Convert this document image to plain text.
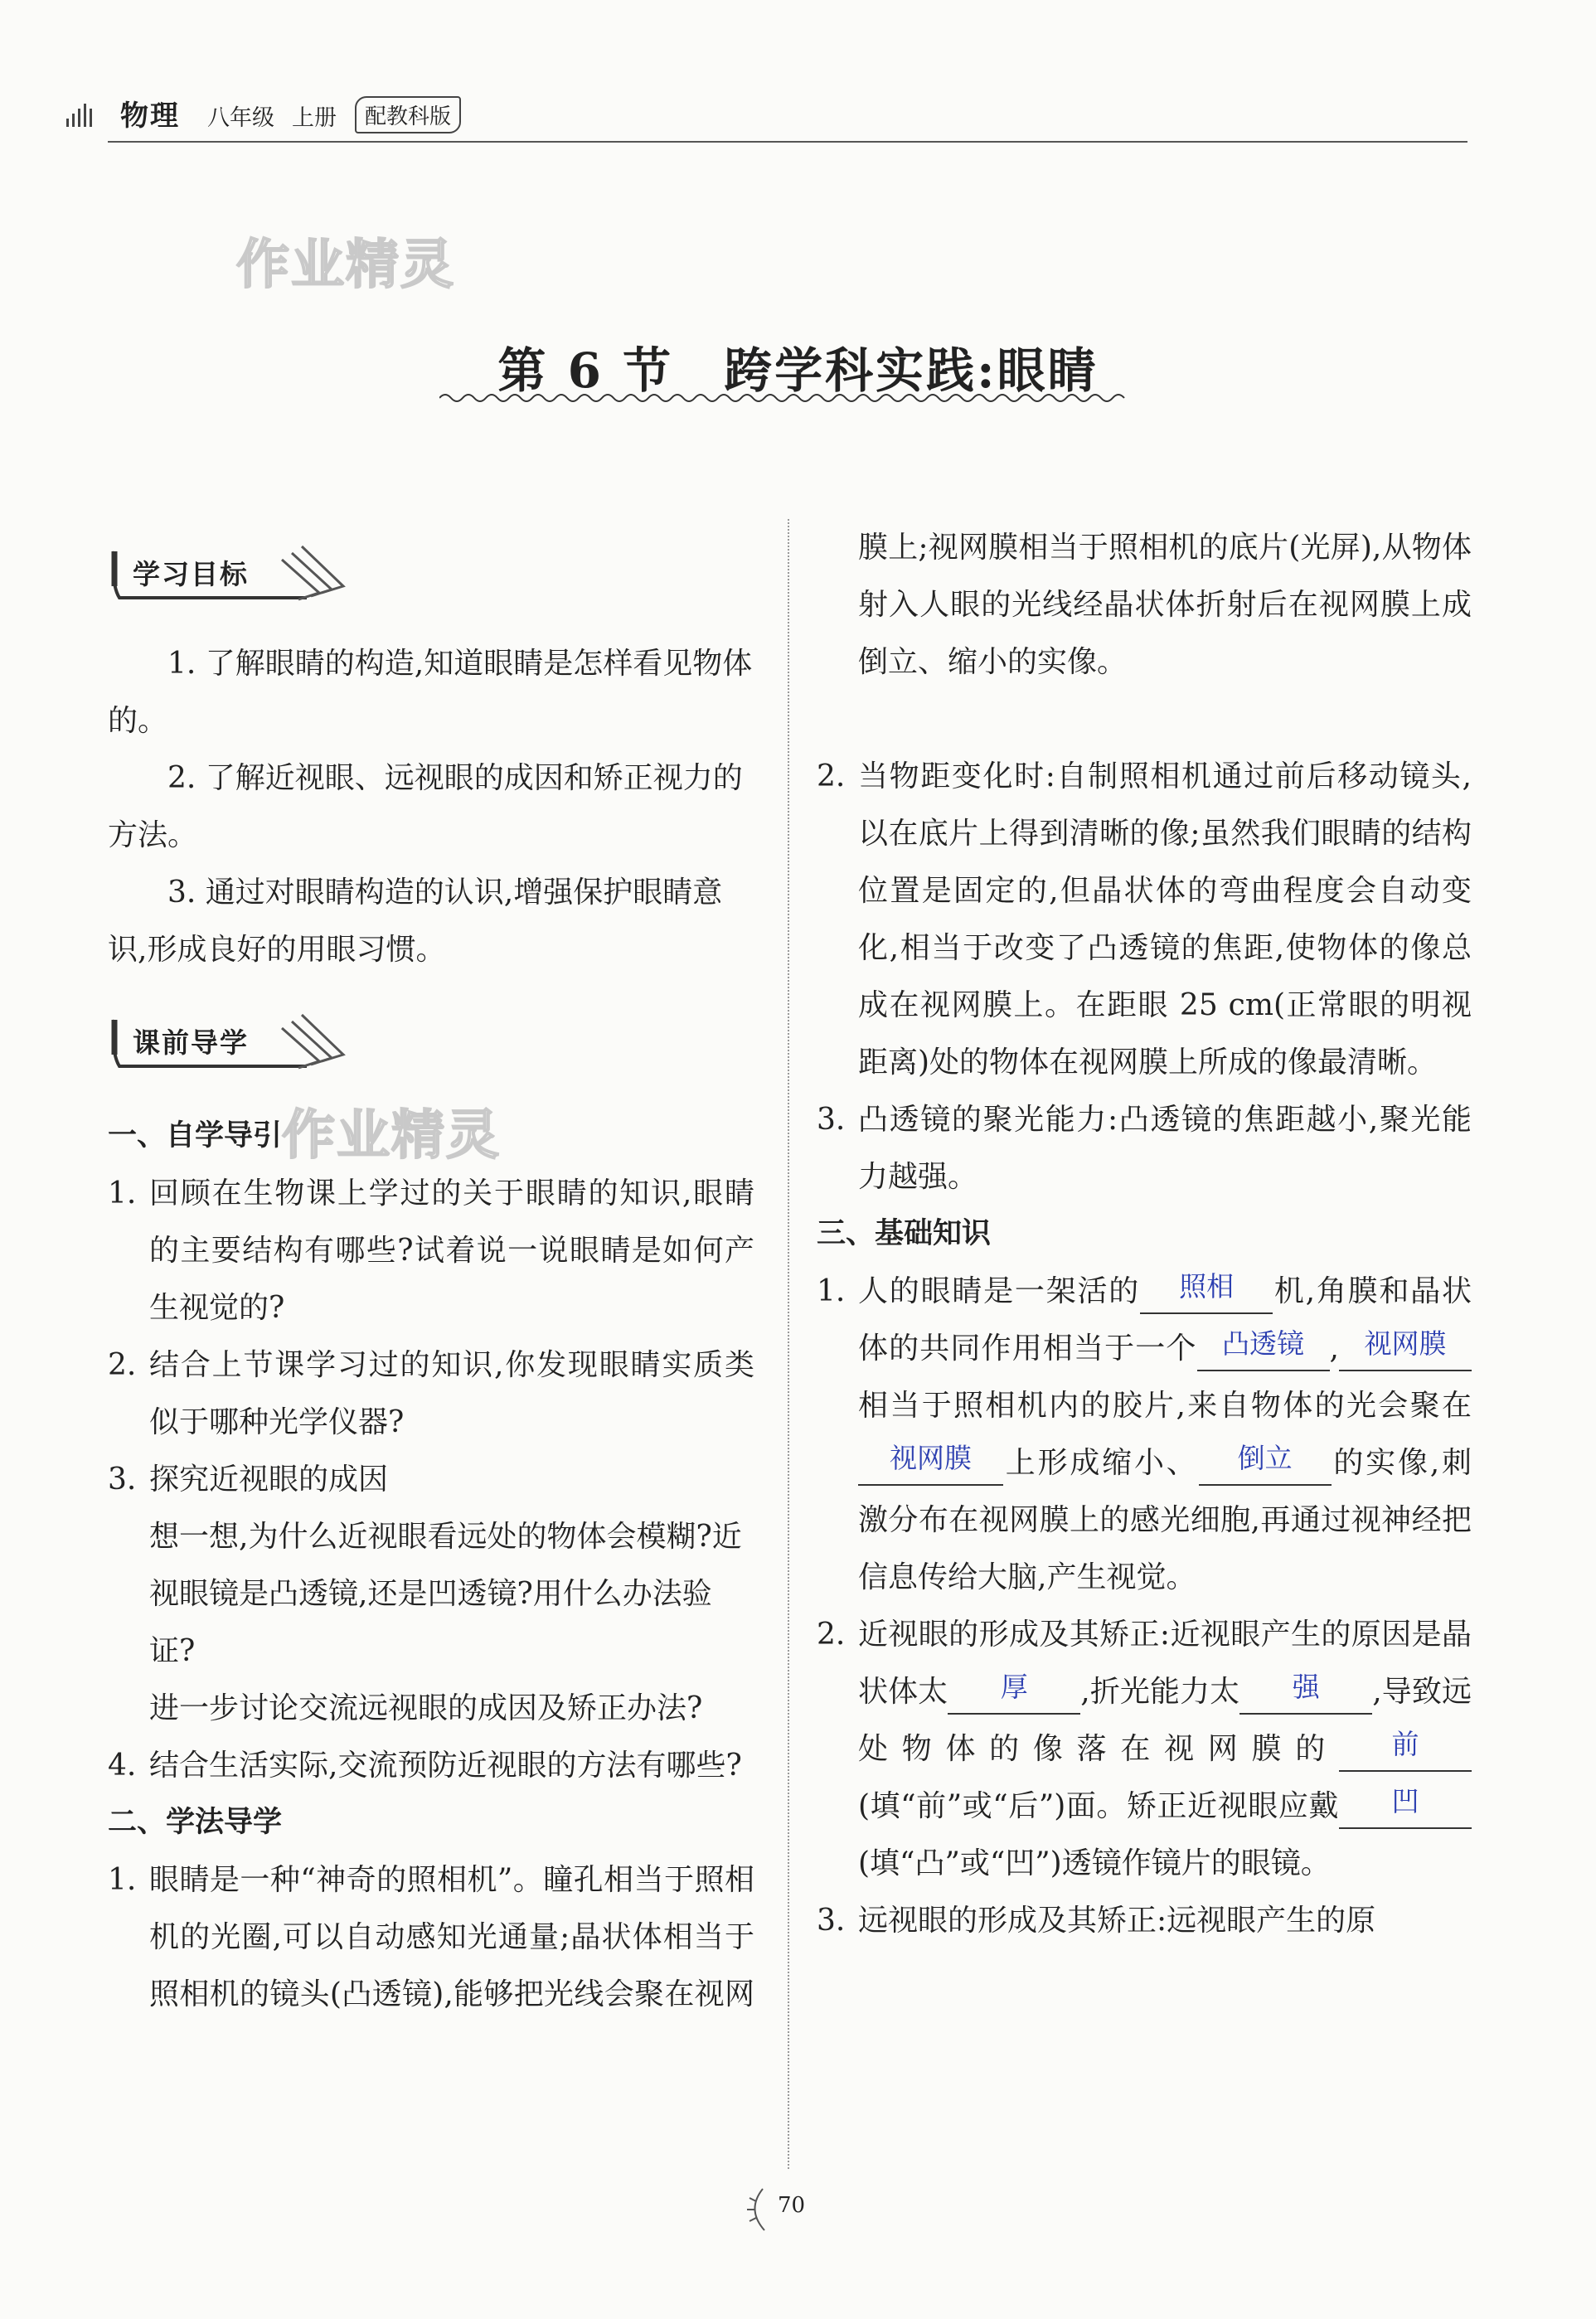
物理 八年级 上册	配教科版
作业精灵
作业精灵
第 6 节　跨学科实践:眼睛
学习目标
课前导学

1. 了解眼睛的构造,知道眼睛是怎样看见物体的。

2. 了解近视眼、远视眼的成因和矫正视力的方法。

3. 通过对眼睛构造的认识,增强保护眼睛意识,形成良好的用眼习惯。

一、自学导引

1. 回顾在生物课上学过的关于眼睛的知识,眼睛的主要结构有哪些?试着说一说眼睛是如何产生视觉的?
2. 结合上节课学习过的知识,你发现眼睛实质类似于哪种光学仪器?
3. 探究近视眼的成因

想一想,为什么近视眼看远处的物体会模糊?近视眼镜是凸透镜,还是凹透镜?用什么办法验证?

进一步讨论交流远视眼的成因及矫正办法?

4. 结合生活实际,交流预防近视眼的方法有哪些?

二、学法导学

1. 眼睛是一种“神奇的照相机”。瞳孔相当于照相机的光圈,可以自动感知光通量;晶状体相当于照相机的镜头(凸透镜),能够把光线会聚在视网
膜上;视网膜相当于照相机的底片(光屏),从物体射入人眼的光线经晶状体折射后在视网膜上成倒立、缩小的实像。
2. 当物距变化时:自制照相机通过前后移动镜头,以在底片上得到清晰的像;虽然我们眼睛的结构位置是固定的,但晶状体的弯曲程度会自动变化,相当于改变了凸透镜的焦距,使物体的像总成在视网膜上。在距眼 25 cm(正常眼的明视距离)处的物体在视网膜上所成的像最清晰。
3. 凸透镜的聚光能力:凸透镜的焦距越小,聚光能力越强。

三、基础知识

1. 人的眼睛是一架活的 照相 机,角膜和晶状体的共同作用相当于一个 凸透镜 , 视网膜相当于照相机内的胶片,来自物体的光会聚在视网膜 上形成缩小、 倒立 的实像,刺激分布在视网膜上的感光细胞,再通过视神经把信息传给大脑,产生视觉。
2. 近视眼的形成及其矫正:近视眼产生的原因是晶状体太 厚 ,折光能力太 强 ,导致远处物体的像落在视网膜的 前(填“前”或“后”)面。矫正近视眼应戴 凹(填“凸”或“凹”)透镜作镜片的眼镜。
3. 远视眼的形成及其矫正:远视眼产生的原
70
